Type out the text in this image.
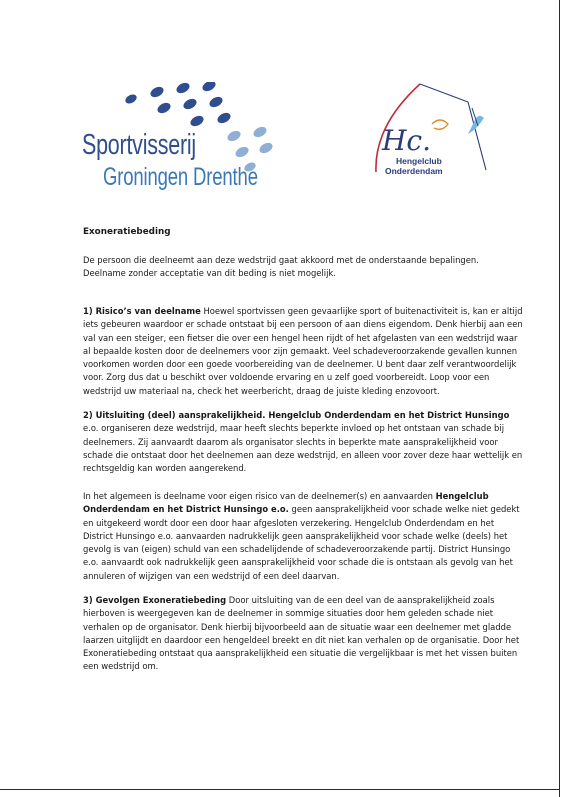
Sportvisserij
Groningen Drenthe
Hc.
Hengelclub
Onderdendam
Exoneratiebeding

De persoon die deelneemt aan deze wedstrijd gaat akkoord met de onderstaande bepalingen. Deelname zonder acceptatie van dit beding is niet mogelijk.

1) Risico’s van deelname Hoewel sportvissen geen gevaarlijke sport of buitenactiviteit is, kan er altijd iets gebeuren waardoor er schade ontstaat bij een persoon of aan diens eigendom. Denk hierbij aan een val van een steiger, een fietser die over een hengel heen rijdt of het afgelasten van een wedstrijd waar al bepaalde kosten door de deelnemers voor zijn gemaakt. Veel schadeveroorzakende gevallen kunnen voorkomen worden door een goede voorbereiding van de deelnemer. U bent daar zelf verantwoordelijk voor. Zorg dus dat u beschikt over voldoende ervaring en u zelf goed voorbereidt. Loop voor een wedstrijd uw materiaal na, check het weerbericht, draag de juiste kleding enzovoort.

2) Uitsluiting (deel) aansprakelijkheid. Hengelclub Onderdendam en het District Hunsingo e.o. organiseren deze wedstrijd, maar heeft slechts beperkte invloed op het ontstaan van schade bij deelnemers. Zij aanvaardt daarom als organisator slechts in beperkte mate aansprakelijkheid voor schade die ontstaat door het deelnemen aan deze wedstrijd, en alleen voor zover deze haar wettelijk en rechtsgeldig kan worden aangerekend.

In het algemeen is deelname voor eigen risico van de deelnemer(s) en aanvaarden Hengelclub Onderdendam en het District Hunsingo e.o. geen aansprakelijkheid voor schade welke niet gedekt en uitgekeerd wordt door een door haar afgesloten verzekering. Hengelclub Onderdendam en het District Hunsingo e.o. aanvaarden nadrukkelijk geen aansprakelijkheid voor schade welke (deels) het gevolg is van (eigen) schuld van een schadelijdende of schadeveroorzakende partij. District Hunsingo e.o. aanvaardt ook nadrukkelijk geen aansprakelijkheid voor schade die is ontstaan als gevolg van het annuleren of wijzigen van een wedstrijd of een deel daarvan.

3) Gevolgen Exoneratiebeding Door uitsluiting van de een deel van de aansprakelijkheid zoals hierboven is weergegeven kan de deelnemer in sommige situaties door hem geleden schade niet verhalen op de organisator. Denk hierbij bijvoorbeeld aan de situatie waar een deelnemer met gladde laarzen uitglijdt en daardoor een hengeldeel breekt en dit niet kan verhalen op de organisatie. Door het Exoneratiebeding ontstaat qua aansprakelijkheid een situatie die vergelijkbaar is met het vissen buiten een wedstrijd om.
